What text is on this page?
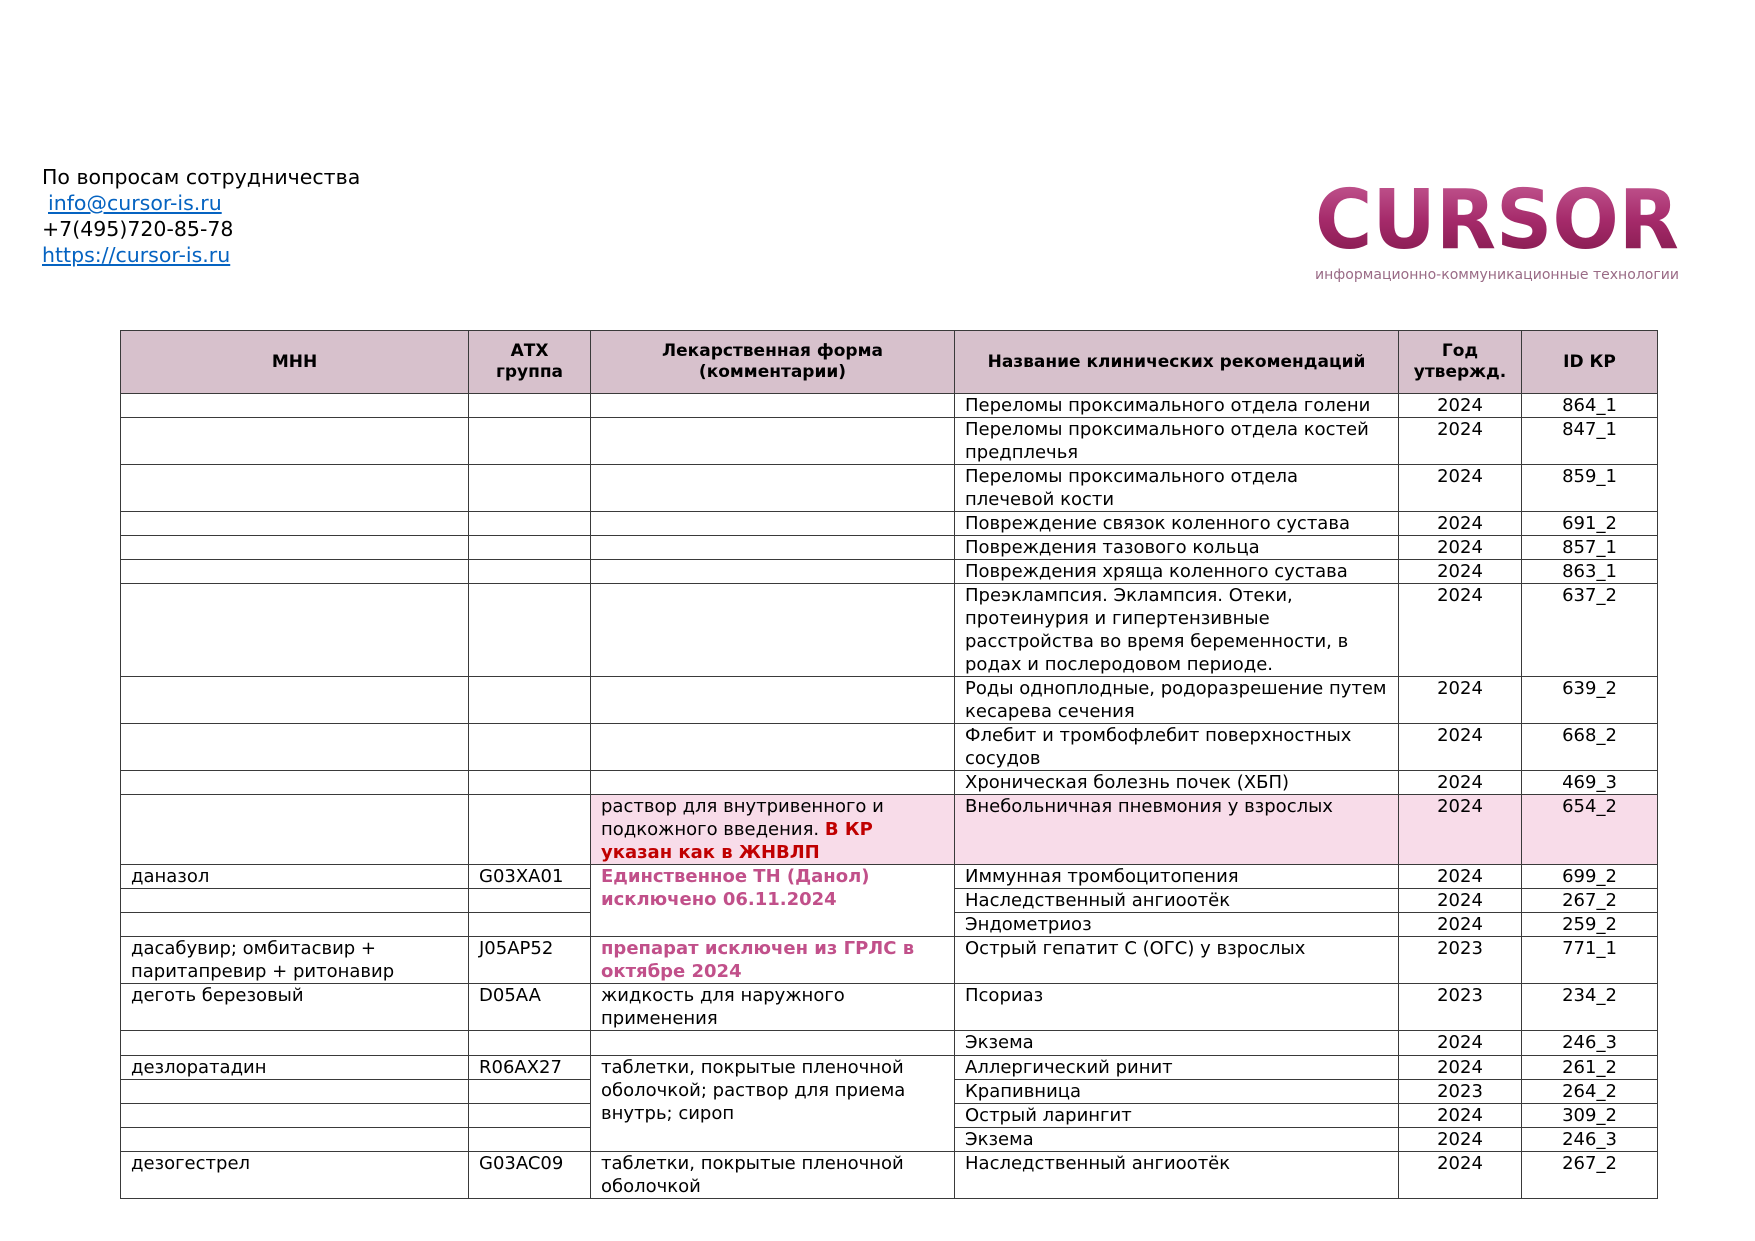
По вопросам сотрудничества
info@cursor-is.ru
+7(495)720-85-78
https://cursor-is.ru	CURSOR
информационно-коммуникационные технологии
МНН	АТХ группа	Лекарственная форма (комментарии)	Название клинических рекомендаций	Год утвержд.	ID КР
			Переломы проксимального отдела голени	2024	864_1
			Переломы проксимального отдела костей предплечья	2024	847_1
			Переломы проксимального отдела плечевой кости	2024	859_1
			Повреждение связок коленного сустава	2024	691_2
			Повреждения тазового кольца	2024	857_1
			Повреждения хряща коленного сустава	2024	863_1
			Преэклампсия. Эклампсия. Отеки, протеинурия и гипертензивные расстройства во время беременности, в родах и послеродовом периоде.	2024	637_2
			Роды одноплодные, родоразрешение путем кесарева сечения	2024	639_2
			Флебит и тромбофлебит поверхностных сосудов	2024	668_2
			Хроническая болезнь почек (ХБП)	2024	469_3
		раствор для внутривенного и подкожного введения. В КР указан как в ЖНВЛП	Внебольничная пневмония у взрослых	2024	654_2
даназол	G03XA01	Единственное ТН (Данол) исключено 06.11.2024	Иммунная тромбоцитопения	2024	699_2
			Наследственный ангиоотёк	2024	267_2
			Эндометриоз	2024	259_2
дасабувир; омбитасвир + паритапревир + ритонавир	J05AP52	препарат исключен из ГРЛС в октябре 2024	Острый гепатит С (ОГС) у взрослых	2023	771_1
деготь березовый	D05AA	жидкость для наружного применения	Псориаз	2023	234_2
			Экзема	2024	246_3
дезлоратадин	R06AX27	таблетки, покрытые пленочной оболочкой; раствор для приема внутрь; сироп	Аллергический ринит	2024	261_2
			Крапивница	2023	264_2
			Острый ларингит	2024	309_2
			Экзема	2024	246_3
дезогестрел	G03AC09	таблетки, покрытые пленочной оболочкой	Наследственный ангиоотёк	2024	267_2
